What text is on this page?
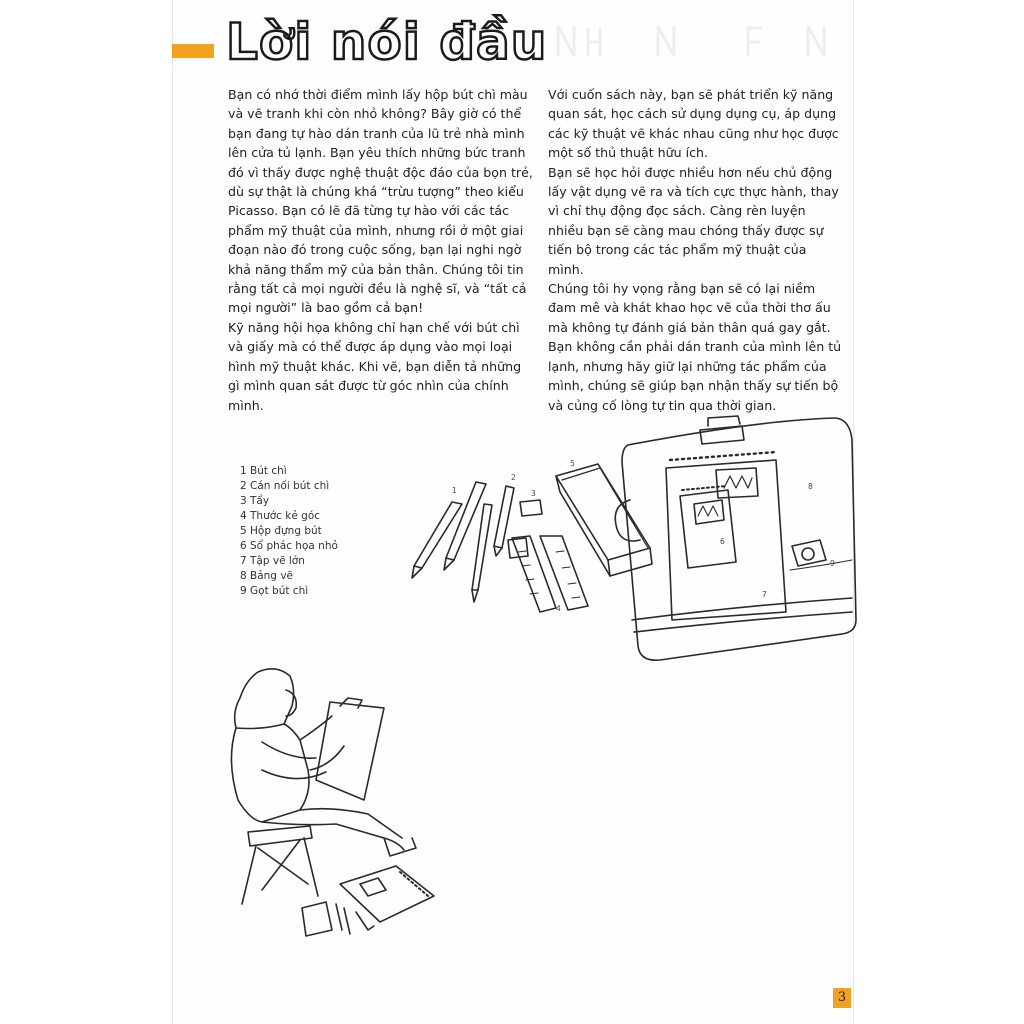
Lời nói đầu

Bạn có nhớ thời điểm mình lấy hộp bút chì màu và vẽ tranh khi còn nhỏ không? Bây giờ có thể bạn đang tự hào dán tranh của lũ trẻ nhà mình lên cửa tủ lạnh. Bạn yêu thích những bức tranh đó vì thấy được nghệ thuật độc đáo của bọn trẻ, dù sự thật là chúng khá “trừu tượng” theo kiểu Picasso. Bạn có lẽ đã từng tự hào với các tác phẩm mỹ thuật của mình, nhưng rồi ở một giai đoạn nào đó trong cuộc sống, bạn lại nghi ngờ khả năng thẩm mỹ của bản thân. Chúng tôi tin rằng tất cả mọi người đều là nghệ sĩ, và “tất cả mọi người” là bao gồm cả bạn!

Kỹ năng hội họa không chỉ hạn chế với bút chì và giấy mà có thể được áp dụng vào mọi loại hình mỹ thuật khác. Khi vẽ, bạn diễn tả những gì mình quan sát được từ góc nhìn của chính mình.

Với cuốn sách này, bạn sẽ phát triển kỹ năng quan sát, học cách sử dụng dụng cụ, áp dụng các kỹ thuật vẽ khác nhau cũng như học được một số thủ thuật hữu ích.

Bạn sẽ học hỏi được nhiều hơn nếu chủ động lấy vật dụng vẽ ra và tích cực thực hành, thay vì chỉ thụ động đọc sách. Càng rèn luyện nhiều bạn sẽ càng mau chóng thấy được sự tiến bộ trong các tác phẩm mỹ thuật của mình.

Chúng tôi hy vọng rằng bạn sẽ có lại niềm đam mê và khát khao học vẽ của thời thơ ấu mà không tự đánh giá bản thân quá gay gắt. Bạn không cần phải dán tranh của mình lên tủ lạnh, nhưng hãy giữ lại những tác phẩm của mình, chúng sẽ giúp bạn nhận thấy sự tiến bộ và củng cố lòng tự tin qua thời gian.

1 Bút chì
2 Cán nối bút chì
3 Tẩy
4 Thước kẻ góc
5 Hộp đựng bút
6 Sổ phác họa nhỏ
7 Tập vẽ lớn
8 Bảng vẽ
9 Gọt bút chì
1
2
3
4
5
6
7
8
9
3
